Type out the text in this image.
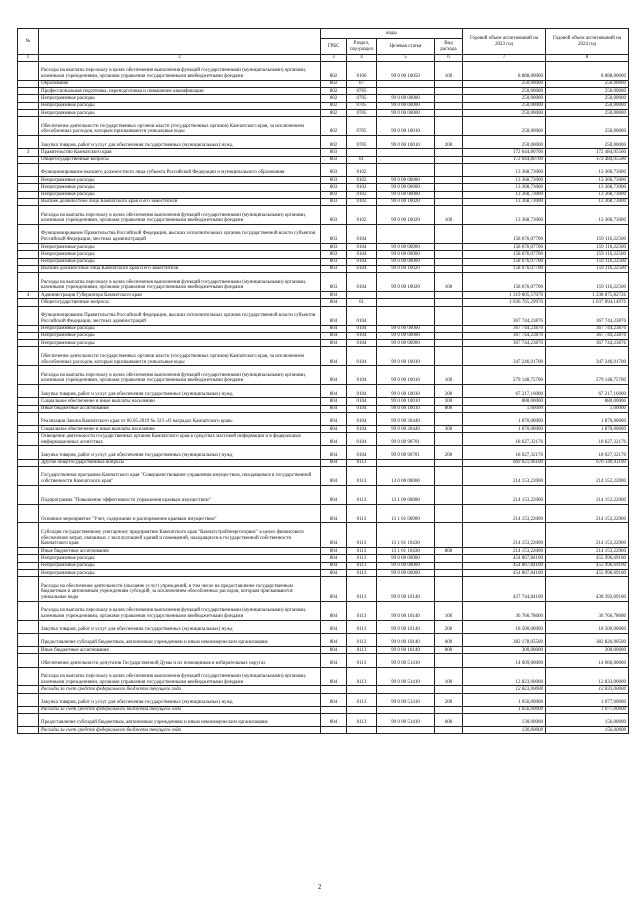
№		коды				Годовой объем ассигнований на 2023 год	Годовой объем ассигнований на 2024 год
		ГРБС	Раздел, под-раздел	Целевая статья	Вид расхода		
1	2	3	4	5	6	7	8
	Расходы на выплаты персоналу в целях обеспечения выполнения функций государственными (муниципальными) органами, казенными учреждениями, органами управления государственными внебюджетными фондами	802	0106	99 0 00 10050	100	8 888,00000	8 888,00000
	Образование	802	07			250,00000	250,00000
	Профессиональная подготовка, переподготовка и повышение квалификации	802	0705			250,00000	250,00000
	Непрограммные расходы	802	0705	99 0 00 00000		250,00000	250,00000
	Непрограммные расходы	802	0705	99 0 00 00000		250,00000	250,00000
	Непрограммные расходы	802	0705	99 0 00 00000		250,00000	250,00000
	Обеспечение деятельности государственных органов власти (государственных органов) Камчатского края, за исключением обособленных расходов, которым присваиваются уникальные коды	802	0705	99 0 00 10010		250,00000	250,00000
	Закупка товаров, работ и услуг для обеспечения государственных (муниципальных) нужд	802	0705	99 0 00 10010	200	250,00000	250,00000
3	Правительство Камчатского края	803				172 044,80700	172 484,95500
	Общегосударственные вопросы	803	01			172 044,80700	172 484,95500
	Функционирование высшего должностного лица субъекта Российской Федерации и муниципального образования	803	0102			13 368,73000	13 368,73000
	Непрограммные расходы	803	0102	99 0 00 00000		13 368,73000	13 368,73000
	Непрограммные расходы	803	0102	99 0 00 00000		13 368,73000	13 368,73000
	Непрограммные расходы	803	0102	99 0 00 00000		13 368,73000	13 368,73000
	Высшее должностное лицо Камчатского края и его заместители	803	0102	99 0 00 10020		13 368,73000	13 368,73000
	Расходы на выплаты персоналу в целях обеспечения выполнения функций государственными (муниципальными) органами, казенными учреждениями, органами управления государственными внебюджетными фондами	803	0102	99 0 00 10020	100	13 368,73000	13 368,73000
	Функционирование Правительства Российской Федерации, высших исполнительных органов государственной власти субъектов Российской Федерации, местных администраций	803	0104			158 676,07700	159 116,22500
	Непрограммные расходы	803	0104	99 0 00 00000		158 676,07700	159 116,22500
	Непрограммные расходы	803	0104	99 0 00 00000		158 676,07700	159 116,22500
	Непрограммные расходы	803	0104	99 0 00 00000		158 676,07700	159 116,22500
	Высшие должностные лица Камчатского края и его заместители	803	0104	99 0 00 10020		158 676,07700	159 116,22500
	Расходы на выплаты персоналу в целях обеспечения выполнения функций государственными (муниципальными) органами, казенными учреждениями, органами управления государственными внебюджетными фондами	803	0104	99 0 00 10020	100	158 676,07700	159 116,22500
4	Администрация Губернатора Камчатского края	804				1 319 805,57076	1 238 875,82726
	Общегосударственные вопросы	804	01			1 036 765,29976	1 037 894,14976
	Функционирование Правительства Российской Федерации, высших исполнительных органов государственной власти субъектов Российской Федерации, местных администраций	804	0104			367 744,23876	367 744,23876
	Непрограммные расходы	804	0104	99 0 00 00000		367 744,23876	367 744,23876
	Непрограммные расходы	804	0104	99 0 00 00000		367 744,23876	367 744,23876
	Непрограммные расходы	804	0104	99 0 00 00000		367 744,23876	367 744,23876
	Обеспечение деятельности государственных органов власти (государственных органов) Камчатского края, за исключением обособленных расходов, которым присваиваются уникальные коды	804	0104	99 0 00 10010		347 246,91700	347 246,91700
	Расходы на выплаты персоналу в целях обеспечения выполнения функций государственными (муниципальными) органами, казенными учреждениями, органами управления государственными внебюджетными фондами	804	0104	99 0 00 10010	100	279 148,75700	279 148,75700
	Закупка товаров, работ и услуг для обеспечения государственных (муниципальных) нужд	804	0104	99 0 00 10010	200	67 217,16000	67 217,16000
	Социальное обеспечение и иные выплаты населению	804	0104	99 0 00 10010	300	880,00000	880,00000
	Иные бюджетные ассигнования	804	0104	99 0 00 10010	800	1,00000	1,00000
	Реализация Закона Камчатского края от 06.05.2019 № 323 «О наградах Камчатского края»	804	0104	99 0 00 20440		1 870,00000	1 870,00000
	Социальное обеспечение и иные выплаты населению	804	0104	99 0 00 20440	300	1 870,00000	1 870,00000
	Освещение деятельности государственных органов Камчатского края в средствах массовой информации и в федеральных информационных агентствах	804	0104	99 0 00 90701		18 627,32176	18 627,32176
	Закупка товаров, работ и услуг для обеспечения государственных (муниципальных) нужд	804	0104	99 0 00 90701	200	18 627,32176	18 627,32176
	Другие общегосударственные вопросы	804	0113			669 021,06100	670 149,91100
	Государственная программа Камчатского края "Совершенствование управления имуществом, находящимся в государственной собственности Камчатского края"	804	0113	13 0 00 00000		214 153,22000	214 153,22000
	Подпрограмма "Повышение эффективности управления краевым имуществом"	804	0113	13 1 00 00000		214 153,22000	214 153,22000
	Основное мероприятие "Учет, содержание и распоряжение краевым имуществом"	804	0113	13 1 01 00000		214 153,22000	214 153,22000
	Субсидия государственному унитарному предприятию Камчатского края "Камчатстройэнергосервис" в целях финансового обеспечения затрат, связанных с эксплуатацией зданий и помещений, находящихся в государственной собственности Камчатского края	804	0113	13 1 01 10430		214 153,22000	214 153,22000
	Иные бюджетные ассигнования	804	0113	13 1 01 10430	800	214 153,22000	214 153,22000
	Непрограммные расходы	804	0113	99 0 00 00000		454 867,84100	455 996,69100
	Непрограммные расходы	804	0113	99 0 00 00000		454 867,84100	455 996,69100
	Непрограммные расходы	804	0113	99 0 00 00000		454 867,84100	455 996,69100
	Расходы на обеспечение деятельности (оказание услуг) учреждений, в том числе на предоставление государственным бюджетным и автономным учреждениям субсидий, за исключением обособленных расходов, которым присваиваются уникальные коды	804	0113	99 0 00 10140		437 744,84100	438 393,69100
	Расходы на выплаты персоналу в целях обеспечения выполнения функций государственными (муниципальными) органами, казенными учреждениями, органами управления государственными внебюджетными фондами	804	0113	99 0 00 10140	100	36 766,78600	36 766,78600
	Закупка товаров, работ и услуг для обеспечения государственных (муниципальных) нужд	804	0113	99 0 00 10140	200	18 500,00000	18 500,00000
	Предоставление субсидий бюджетным, автономным учреждениям и иным некоммерческим организациям	804	0113	99 0 00 10140	600	382 178,05500	382 826,90500
	Иные бюджетные ассигнования	804	0113	99 0 00 10140	800	300,00000	300,00000
	Обеспечение деятельности депутатов Государственной Думы и их помощников в избирательных округах	804	0113	99 0 00 51410		14 009,00000	14 066,00000
	Расходы на выплаты персоналу в целях обеспечения выполнения функций государственными (муниципальными) органами, казенными учреждениями, органами управления государственными внебюджетными фондами	804	0113	99 0 00 51410	100	12 823,00000	12 833,00000
	Расходы за счет средств федерального бюджета текущего года					12 823,00000	12 833,00000
	Закупка товаров, работ и услуг для обеспечения государственных (муниципальных) нужд	804	0113	99 0 00 51410	200	1 056,00000	1 077,00000
	Расходы за счет средств федерального бюджета текущего года					1 056,00000	1 077,00000
	Предоставление субсидий бюджетным, автономным учреждениям и иным некоммерческим организациям	804	0113	99 0 00 51410	600	130,00000	156,00000
	Расходы за счет средств федерального бюджета текущего года					130,00000	156,00000
2
